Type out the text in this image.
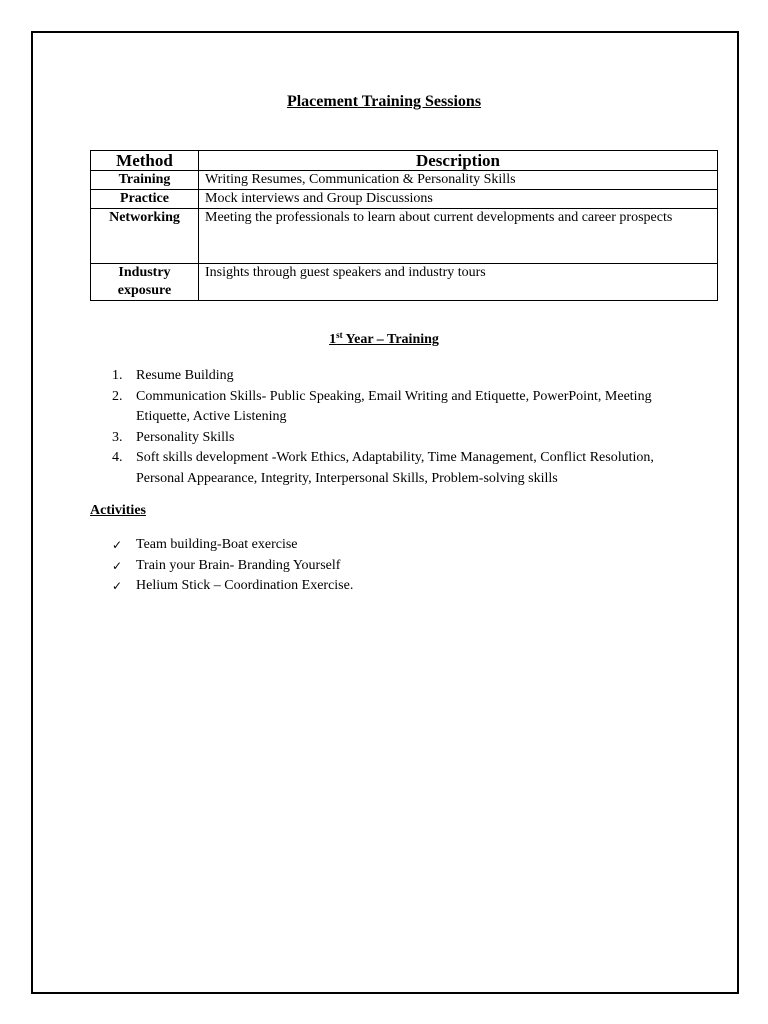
Placement Training Sessions
Method	Description
Training	Writing Resumes, Communication & Personality Skills
Practice	Mock interviews and Group Discussions
Networking	Meeting the professionals to learn about current developments and career prospects
Industry exposure	Insights through guest speakers and industry tours
1st Year – Training
1. Resume Building
2. Communication Skills- Public Speaking, Email Writing and Etiquette, PowerPoint, Meeting Etiquette, Active Listening
3. Personality Skills
4. Soft skills development -Work Ethics, Adaptability, Time Management, Conflict Resolution, Personal Appearance, Integrity, Interpersonal Skills, Problem-solving skills
Activities
✓ Team building-Boat exercise
✓ Train your Brain- Branding Yourself
✓ Helium Stick – Coordination Exercise.
